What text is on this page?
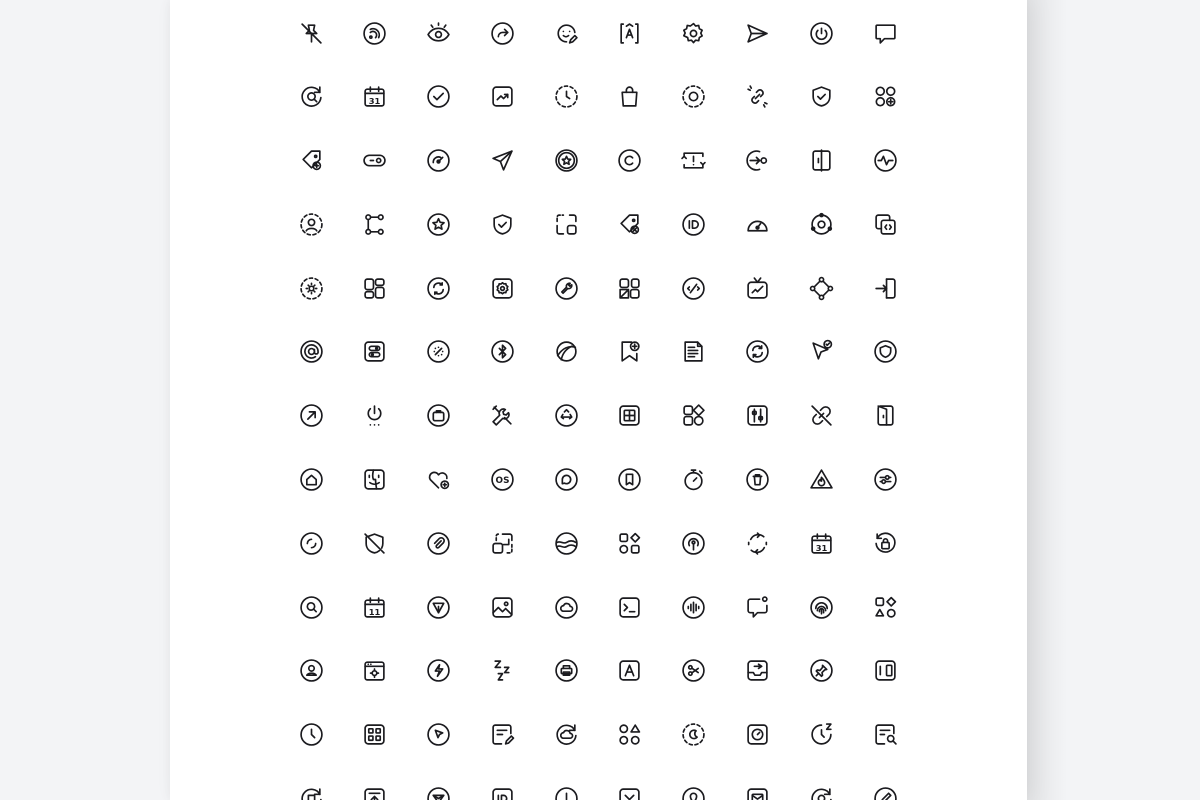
31
OS
31
11
